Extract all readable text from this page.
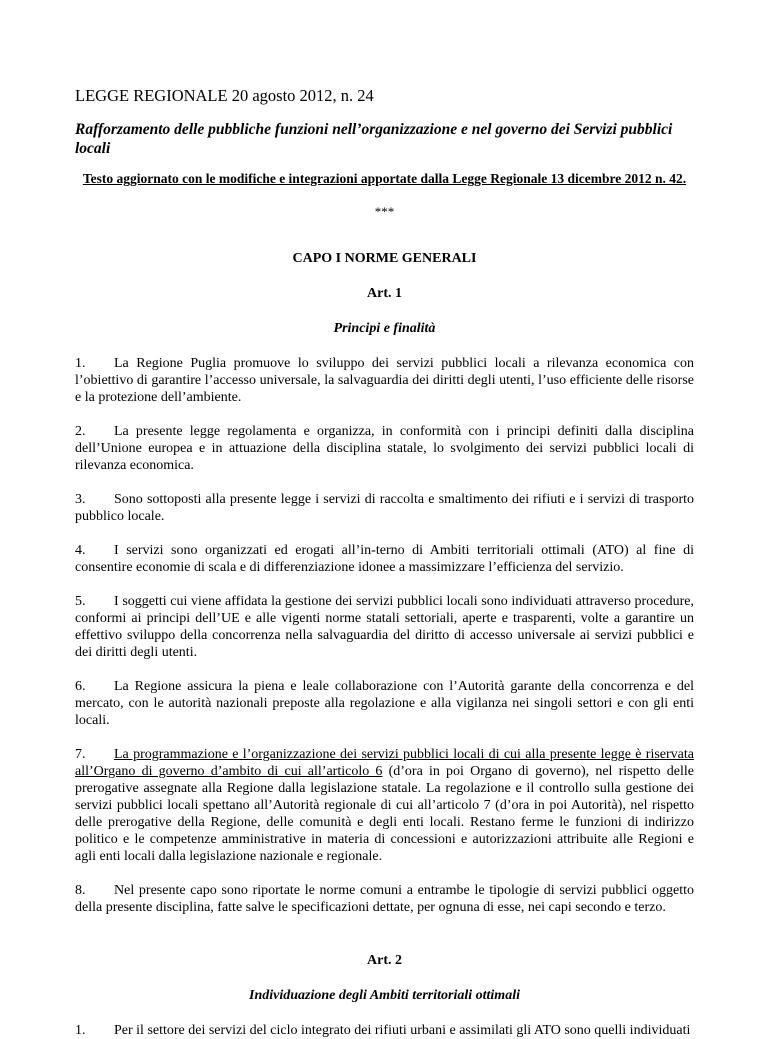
LEGGE REGIONALE 20 agosto 2012, n. 24

Rafforzamento delle pubbliche funzioni nell’organizzazione e nel governo dei Servizi pubblici locali

Testo aggiornato con le modifiche e integrazioni apportate dalla Legge Regionale 13 dicembre 2012 n. 42.

***

CAPO I NORME GENERALI

Art. 1

Principi e finalità

1. La Regione Puglia promuove lo sviluppo dei servizi pubblici locali a rilevanza economica con l’obiettivo di garantire l’accesso universale, la salvaguardia dei diritti degli utenti, l’uso efficiente delle risorse e la protezione dell’ambiente.

2. La presente legge regolamenta e organizza, in conformità con i principi definiti dalla disciplina dell’Unione europea e in attuazione della disciplina statale, lo svolgimento dei servizi pubblici locali di rilevanza economica.

3. Sono sottoposti alla presente legge i servizi di raccolta e smaltimento dei rifiuti e i servizi di trasporto pubblico locale.

4. I servizi sono organizzati ed erogati all’in-terno di Ambiti territoriali ottimali (ATO) al fine di consentire economie di scala e di differenziazione idonee a massimizzare l’efficienza del servizio.

5. I soggetti cui viene affidata la gestione dei servizi pubblici locali sono individuati attraverso procedure, conformi ai principi dell’UE e alle vigenti norme statali settoriali, aperte e trasparenti, volte a garantire un effettivo sviluppo della concorrenza nella salvaguardia del diritto di accesso universale ai servizi pubblici e dei diritti degli utenti.

6. La Regione assicura la piena e leale collaborazione con l’Autorità garante della concorrenza e del mercato, con le autorità nazionali preposte alla regolazione e alla vigilanza nei singoli settori e con gli enti locali.

7. La programmazione e l’organizzazione dei servizi pubblici locali di cui alla presente legge è riservata all’Organo di governo d’ambito di cui all’articolo 6 (d’ora in poi Organo di governo), nel rispetto delle prerogative assegnate alla Regione dalla legislazione statale. La regolazione e il controllo sulla gestione dei servizi pubblici locali spettano all’Autorità regionale di cui all’articolo 7 (d’ora in poi Autorità), nel rispetto delle prerogative della Regione, delle comunità e degli enti locali. Restano ferme le funzioni di indirizzo politico e le competenze amministrative in materia di concessioni e autorizzazioni attribuite alle Regioni e agli enti locali dalla legislazione nazionale e regionale.

8. Nel presente capo sono riportate le norme comuni a entrambe le tipologie di servizi pubblici oggetto della presente disciplina, fatte salve le specificazioni dettate, per ognuna di esse, nei capi secondo e terzo.

Art. 2

Individuazione degli Ambiti territoriali ottimali

1. Per il settore dei servizi del ciclo integrato dei rifiuti urbani e assimilati gli ATO sono quelli individuati
